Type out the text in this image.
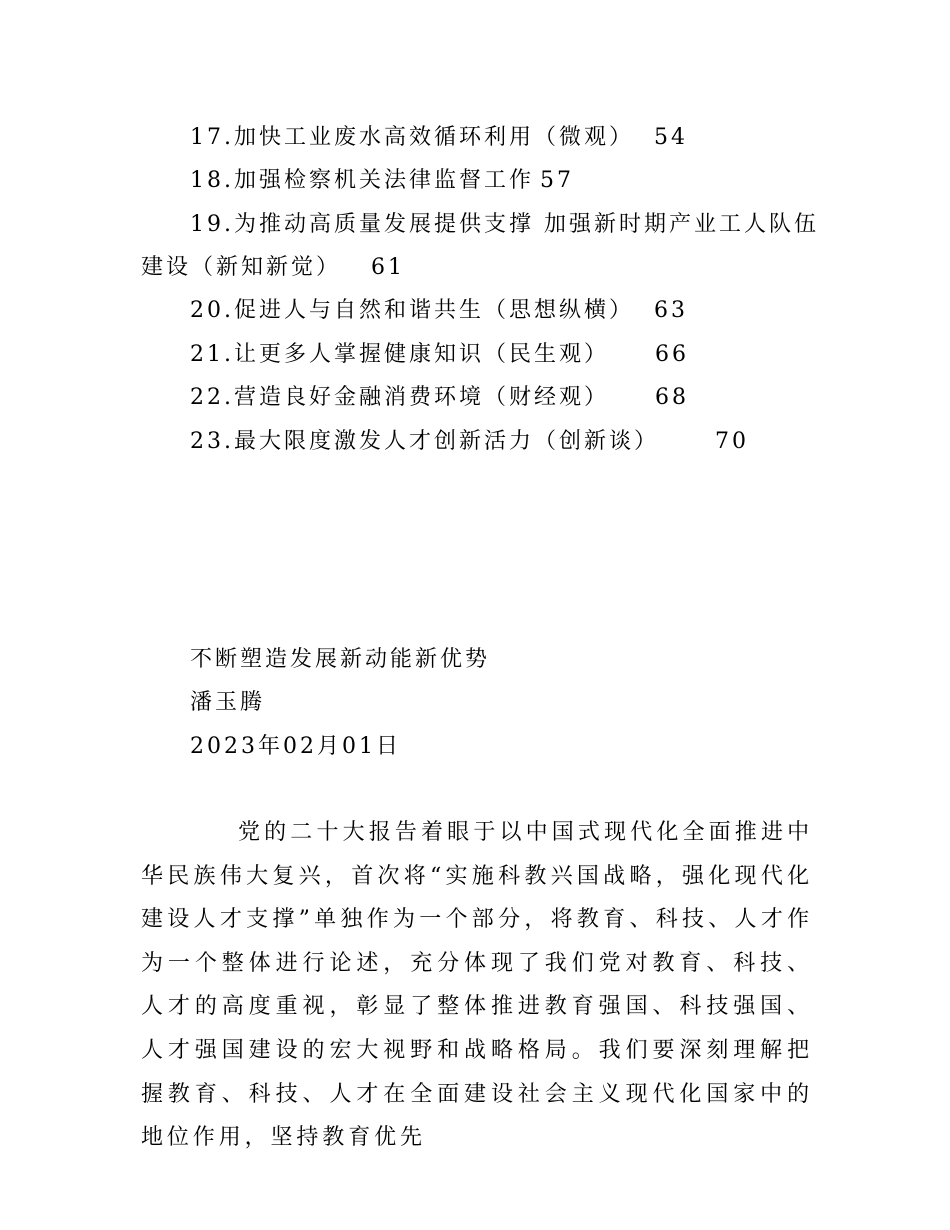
17.加快工业废水高效循环利用（微观） 54
18.加强检察机关法律监督工作 57
19.为推动高质量发展提供支撑 加强新时期产业工人队伍
建设（新知新觉） 61
20.促进人与自然和谐共生（思想纵横） 63
21.让更多人掌握健康知识（民生观） 66
22.营造良好金融消费环境（财经观） 68
23.最大限度激发人才创新活力（创新谈）	70
不断塑造发展新动能新优势
潘玉腾
2023年02月01日

党的二十大报告着眼于以中国式现代化全面推进中华民族伟大复兴，首次将“实施科教兴国战略，强化现代化建设人才支撑”单独作为一个部分，将教育、科技、人才作为一个整体进行论述，充分体现了我们党对教育、科技、人才的高度重视，彰显了整体推进教育强国、科技强国、人才强国建设的宏大视野和战略格局。我们要深刻理解把握教育、科技、人才在全面建设社会主义现代化国家中的地位作用，坚持教育优先
